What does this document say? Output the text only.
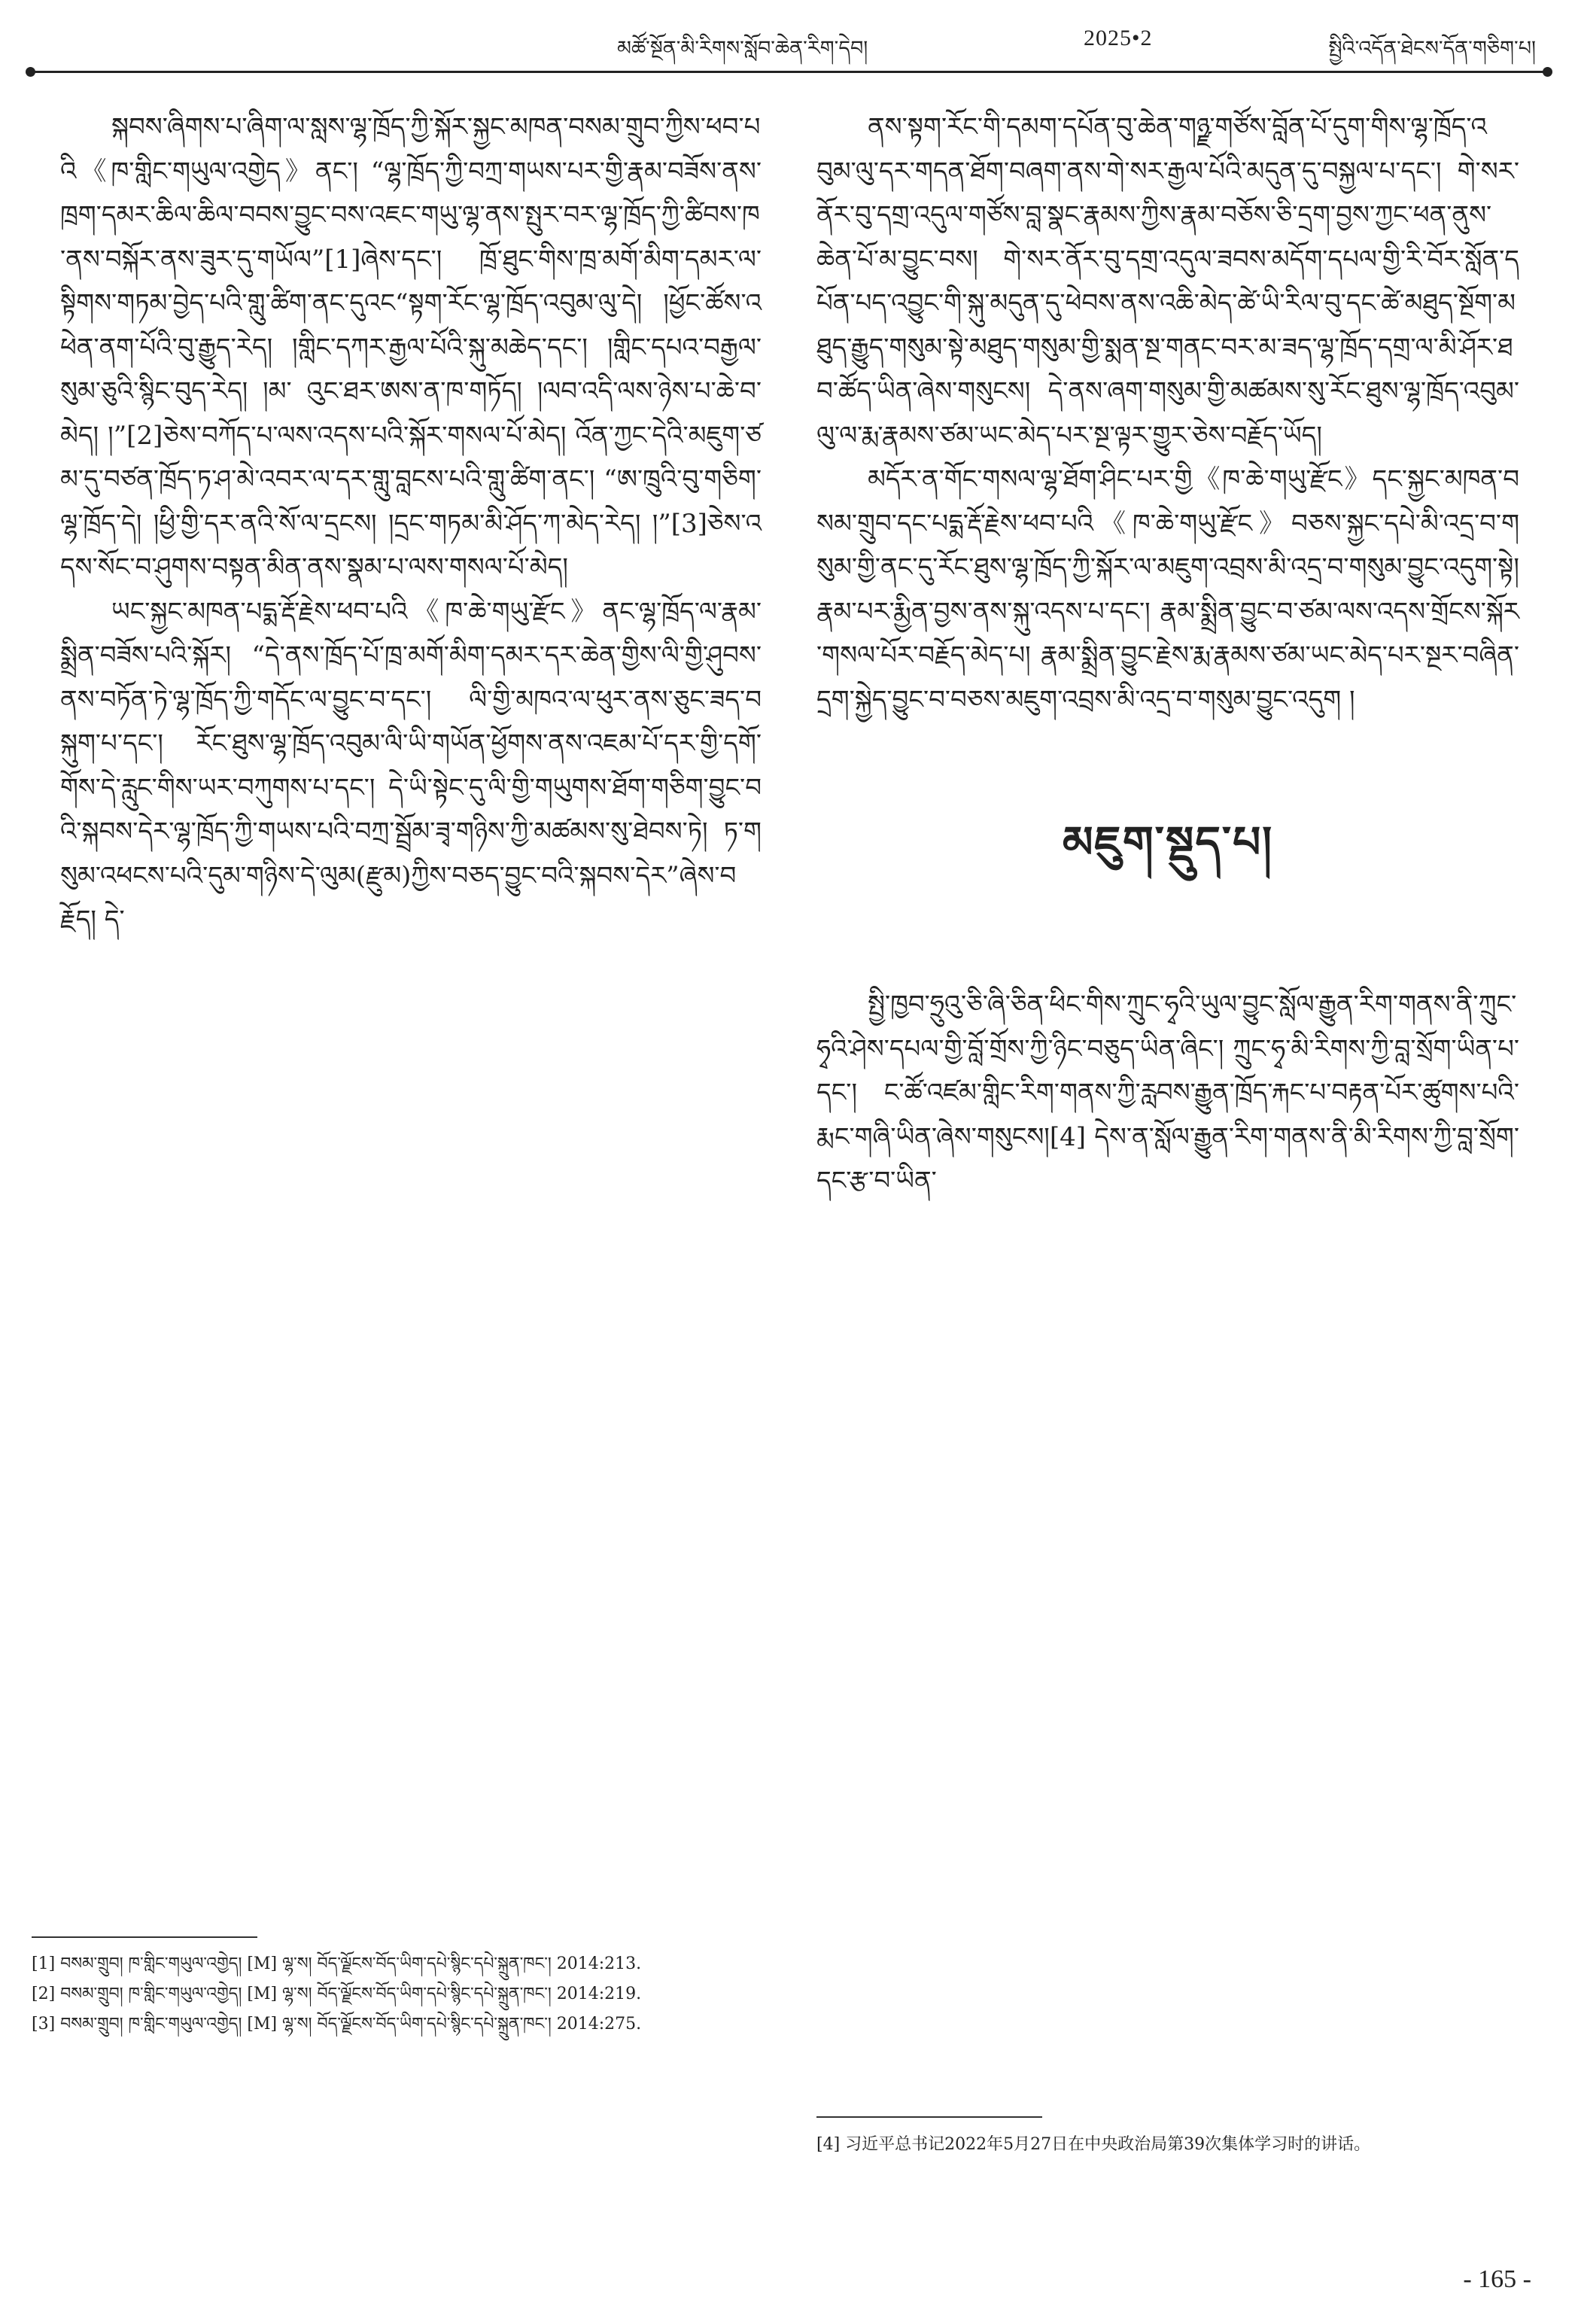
མཚོ་སྔོན་མི་རིགས་སློབ་ཆེན་རིག་དེབ།	2025•2	སྤྱིའི་འདོན་ཐེངས་དོན་གཅིག་པ།

སྐབས་ཞིགས་པ་ཞིག་ལ་སླས་ལྷ་ཁྲོད་ཀྱི་སྐོར་སྐྱང་མཁན་བསམ་གྲུབ་ཀྱིས་ཕབ་པའི《ཁ་གླིང་གཡུལ་འགྱེད》ནང་། “ལྷ་ཁྲོད་ཀྱི་བཀྲ་གཡས་པར་གྱི་རྣམ་བཟོས་ནས་ཁྲག་དམར་ཆིལ་ཆིལ་བབས་བྱུང་བས་འཇང་གཡུ་ལྷ་ནས་སྤུར་བར་ལྷ་ཁྲོད་ཀྱི་ཚིབས་ཁ་ནས་བསྐོར་ནས་ཟུར་དུ་གཡོལ”[1]ཞེས་དང་། ཁྲོ་ཐུང་གིས་ཁྲ་མགོ་མིག་དམར་ལ་སྟིགས་གཏམ་བྱེད་པའི་གླུ་ཚིག་ནང་དུའང“སྟག་རོང་ལྷ་ཁྲོད་འབུམ་ལུ་དེ། །ཕྱོང་ཚོས་འཕེན་ནག་པོའི་བུ་རྒྱུད་རེད། །གླིང་དཀར་རྒྱལ་པོའི་སྐུ་མཆེད་དང་། །གླིང་དཔའ་བརྒྱལ་སུམ་ཅུའི་སྙིང་བུད་རེད། །མ་ འུང་ཐར་ཨས་ན་ཁ་གཏོད། །ལབ་འདི་ལས་ཉེས་པ་ཆེ་བ་མེད། །”[2]ཅེས་བཀོད་པ་ལས་འདས་པའི་སྐོར་གསལ་པོ་མེད། འོན་ཀྱང་དེའི་མཇུག་ཙམ་དུ་བཙན་ཁྲོད་ཏ་ཤ་མེ་འབར་ལ་དར་གླུ་བླངས་པའི་གླུ་ཚིག་ནང་། “ཨ་ཁྲུའི་བུ་གཅིག་ལྷ་ཁྲོད་དེ། །ཕྱི་གྱི་དར་ནའི་སོ་ལ་དྲངས། །དྲང་གཏམ་མི་ཤོད་ཀ་མེད་རེད། །”[3]ཅེས་འདས་སོང་བ་ཤུགས་བསྟན་མིན་ནས་སྣམ་པ་ལས་གསལ་པོ་མེད།

ཡང་སྐྱང་མཁན་པདྨ་རྡོ་རྗེས་ཕབ་པའི《ཁ་ཆེ་གཡུ་རྫོང》ནང་ལྷ་ཁྲོད་ལ་རྣམ་སྨྲིན་བཟོས་པའི་སྐོར། “དེ་ནས་ཁྲོད་པོ་ཁྲ་མགོ་མིག་དམར་དར་ཆེན་གྱིས་ལི་གྱི་ཤུབས་ནས་བཏོན་ཏེ་ལྷ་ཁྲོད་ཀྱི་གདོང་ལ་བྱུང་བ་དང་། ལི་གྱི་མཁའ་ལ་ཕུར་ནས་ཅུང་ཟད་བསྐུག་པ་དང་། རོང་ཐུས་ལྷ་ཁྲོད་འབུམ་ལི་ཡི་གཡོན་ཕྱོགས་ནས་འཇམ་པོ་དར་གྱི་དགོ་གོས་དེ་རླུང་གིས་ཡར་བཀུགས་པ་དང་། དེ་ཡི་སྟེང་དུ་ལི་གྱི་གཡུགས་ཐོག་གཅིག་བྱུང་བའི་སྐབས་དེར་ལྷ་ཁྲོད་ཀྱི་གཡས་པའི་བཀྲ་སྦྲོམ་ཟྭ་གཉིས་ཀྱི་མཚམས་སུ་ཐེབས་ཏེ། ཏ་གསུམ་འཕངས་པའི་དུམ་གཉིས་དེ་ལུམ(རྫུམ)ཀྱིས་བཅད་བྱུང་བའི་སྐབས་དེར”ཞེས་བརྗོད། དེ་

[1] བསམ་གྲུབ། ཁ་གླིང་གཡུལ་འགྱེད། [M] ལྷ་ས། བོད་ལྗོངས་བོད་ཡིག་དཔེ་སྙིང་དཔེ་སྐྲུན་ཁང་། 2014:213.

[2] བསམ་གྲུབ། ཁ་གླིང་གཡུལ་འགྱེད། [M] ལྷ་ས། བོད་ལྗོངས་བོད་ཡིག་དཔེ་སྙིང་དཔེ་སྐྲུན་ཁང་། 2014:219.

[3] བསམ་གྲུབ། ཁ་གླིང་གཡུལ་འགྱེད། [M] ལྷ་ས། བོད་ལྗོངས་བོད་ཡིག་དཔེ་སྙིང་དཔེ་སྐྲུན་ཁང་། 2014:275.

ནས་སྟག་རོང་གི་དམག་དཔོན་བུ་ཆེན་གཉྫ་གཙོས་བློན་པོ་དུག་གིས་ལྷ་ཁྲོད་འབུམ་ལུ་དར་གདན་ཐོག་བཞག་ནས་གེ་སར་རྒྱལ་པོའི་མདུན་དུ་བསྐྱལ་པ་དང་། གེ་སར་ནོར་བུ་དགྲ་འདུལ་གཙོས་བླ་སྣང་རྣམས་ཀྱིས་རྣམ་བཅོས་ཅི་དྲག་བྱས་ཀྱང་ཕན་ནུས་ཆེན་པོ་མ་བྱུང་བས། གེ་སར་ནོར་བུ་དགྲ་འདུལ་ཟབས་མདོག་དཔལ་གྱི་རི་བོར་སློན་དཔོན་པད་འབྱུང་གི་སྐུ་མདུན་དུ་ཕེབས་ནས་འཆི་མེད་ཚེ་ཡི་རིལ་བུ་དང་ཚེ་མཐུད་སྔོག་མཐུད་རྒྱུད་གསུམ་སྟེ་མཐུད་གསུམ་གྱི་སྨན་སྔ་གནང་བར་མ་ཟད་ལྷ་ཁྲོད་དགྲ་ལ་མི་ཤོར་ཐབ་ཚོད་ཡིན་ཞེས་གསུངས། དེ་ནས་ཞག་གསུམ་གྱི་མཚམས་སུ་རོང་ཐུས་ལྷ་ཁྲོད་འབུམ་ལུ་ལ་རྨ་རྣམས་ཙམ་ཡང་མེད་པར་སྔ་ལྟར་གྱུར་ཅེས་བརྗོད་ཡོད།

མདོར་ན་གོང་གསལ་ལྷ་ཐོག་ཤིང་པར་གྱི《ཁ་ཆེ་གཡུ་རྫོང》དང་སྐྱང་མཁན་བསམ་གྲུབ་དང་པདྨ་རྡོ་རྗེས་ཕབ་པའི《ཁ་ཆེ་གཡུ་རྫོང》བཅས་སྐྱང་དཔེ་མི་འདྲ་བ་གསུམ་གྱི་ནང་དུ་རོང་ཐུས་ལྷ་ཁྲོད་ཀྱི་སྐོར་ལ་མཇུག་འབྲས་མི་འདྲ་བ་གསུམ་བྱུང་འདུག་སྟེ། རྣམ་པར་རྨྱིན་བྱས་ནས་སྐུ་འདས་པ་དང་། རྣམ་སྨྲིན་བྱུང་བ་ཙམ་ལས་འདས་གྲོངས་སྐོར་གསལ་པོར་བརྗོད་མེད་པ། རྣམ་སྨྲིན་བྱུང་རྗེས་རྨ་རྣམས་ཙམ་ཡང་མེད་པར་སྔར་བཞིན་དྲག་སྐྱེད་བྱུང་བ་བཅས་མཇུག་འབྲས་མི་འདྲ་བ་གསུམ་བྱུང་འདུག །

མཇུག་སྡུད་པ།

སྤྱི་ཁྱབ་ཧྲུའུ་ཅི་ཞི་ཅིན་ཕིང་གིས་ཀྲུང་ཧྭའི་ཡུལ་བྱུང་སློལ་རྒྱུན་རིག་གནས་ནི་ཀྲུང་ཧྭའི་ཤེས་དཔལ་གྱི་བློ་གྲོས་ཀྱི་ཉིང་བཅུད་ཡིན་ཞིང་། ཀྲུང་ཧྭ་མི་རིགས་ཀྱི་བླ་སྲོག་ཡིན་པ་དང་། ང་ཚོ་འཛམ་གླིང་རིག་གནས་ཀྱི་རླབས་རྒྱུན་ཁྲོད་རྐང་པ་བརྟན་པོར་ཚུགས་པའི་རྨང་གཞི་ཡིན་ཞེས་གསུངས།[4] དེས་ན་སློལ་རྒྱུན་རིག་གནས་ནི་མི་རིགས་ཀྱི་བླ་སྲོག་དང་རྩ་བ་ཡིན་

[4] 习近平总书记2022年5月27日在中央政治局第39次集体学习时的讲话。

- 165 -
